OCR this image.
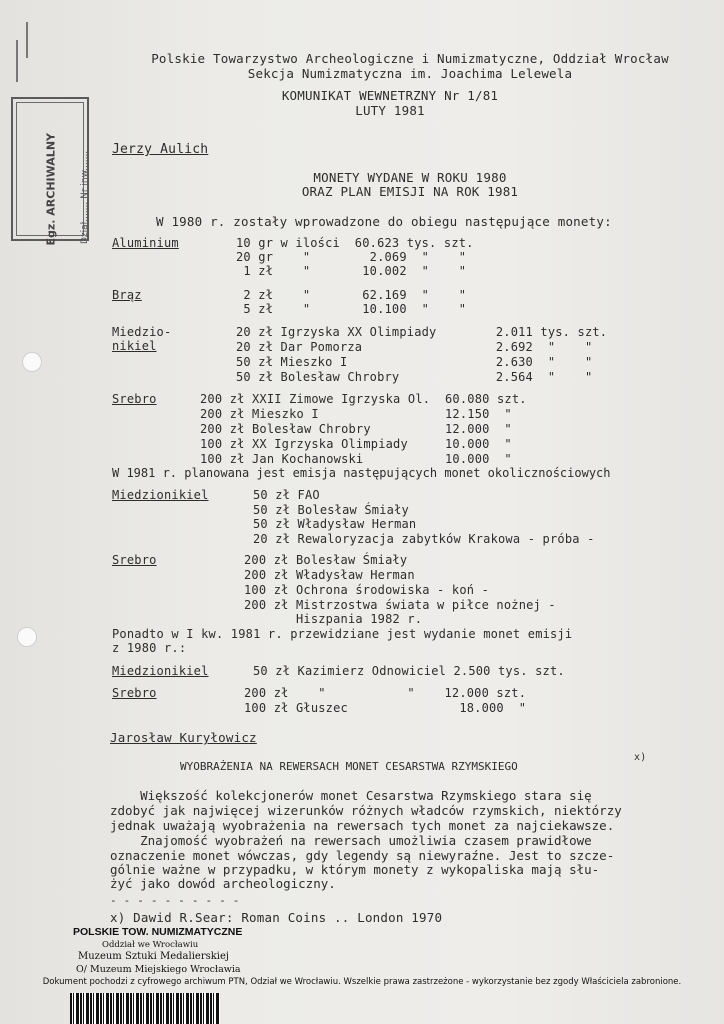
Egz. ARCHIWALNY	Dział....... Nr inw.......
Polskie Towarzystwo Archeologiczne i Numizmatyczne, Oddział Wrocław
Sekcja Numizmatyczna im. Joachima Lelewela
KOMUNIKAT WEWNETRZNY Nr 1/81
LUTY 1981
Jerzy Aulich
MONETY WYDANE W ROKU 1980
ORAZ PLAN EMISJI NA ROK 1981
W 1980 r. zostały wprowadzone do obiegu następujące monety:
Aluminium	10 gr w ilości  60.623 tys. szt.
20 gr    "        2.069  "    "
1 zł    "       10.002  "    "
Brąz	2 zł    "       62.169  "    "
5 zł    "       10.100  "    "
Miedzio-
nikiel
20 zł Igrzyska XX Olimpiady        2.011 tys. szt.
20 zł Dar Pomorza                  2.692  "    "
50 zł Mieszko I                    2.630  "    "
50 zł Bolesław Chrobry             2.564  "    "
Srebro	200 zł XXII Zimowe Igrzyska Ol.  60.080 szt.
200 zł Mieszko I                 12.150  "
200 zł Bolesław Chrobry          12.000  "
100 zł XX Igrzyska Olimpiady     10.000  "
100 zł Jan Kochanowski           10.000  "
W 1981 r. planowana jest emisja następujących monet okolicznościowych
Miedzionikiel	50 zł FAO
50 zł Bolesław Śmiały
50 zł Władysław Herman
20 zł Rewaloryzacja zabytków Krakowa - próba -
Srebro	200 zł Bolesław Śmiały
200 zł Władysław Herman
100 zł Ochrona środowiska - koń -
200 zł Mistrzostwa świata w piłce nożnej -
Hiszpania 1982 r.
Ponadto w I kw. 1981 r. przewidziane jest wydanie monet emisji
z 1980 r.:
Miedzionikiel	50 zł Kazimierz Odnowiciel 2.500 tys. szt.
Srebro	200 zł    "           "    12.000 szt.
100 zł Głuszec               18.000  "
Jarosław Kuryłowicz
WYOBRAŻENIA NA REWERSACH MONET CESARSTWA RZYMSKIEGO
x)
Większość kolekcjonerów monet Cesarstwa Rzymskiego stara się
zdobyć jak najwięcej wizerunków różnych władców rzymskich, niektórzy
jednak uważają wyobrażenia na rewersach tych monet za najciekawsze.
Znajomość wyobrażeń na rewersach umożliwia czasem prawidłowe
oznaczenie monet wówczas, gdy legendy są niewyraźne. Jest to szcze-
gólnie ważne w przypadku, w którym monety z wykopaliska mają słu-
żyć jako dowód archeologiczny.
- - - - - - - - - -
x) Dawid R.Sear: Roman Coins .. London 1970
POLSKIE TOW. NUMIZMATYCZNE
Oddział we Wrocławiu
Muzeum Sztuki Medalierskiej
O/ Muzeum Miejskiego Wrocławia
Dokument pochodzi z cyfrowego archiwum PTN, Odział we Wrocławiu. Wszelkie prawa zastrzeżone - wykorzystanie bez zgody Właściciela zabronione.
